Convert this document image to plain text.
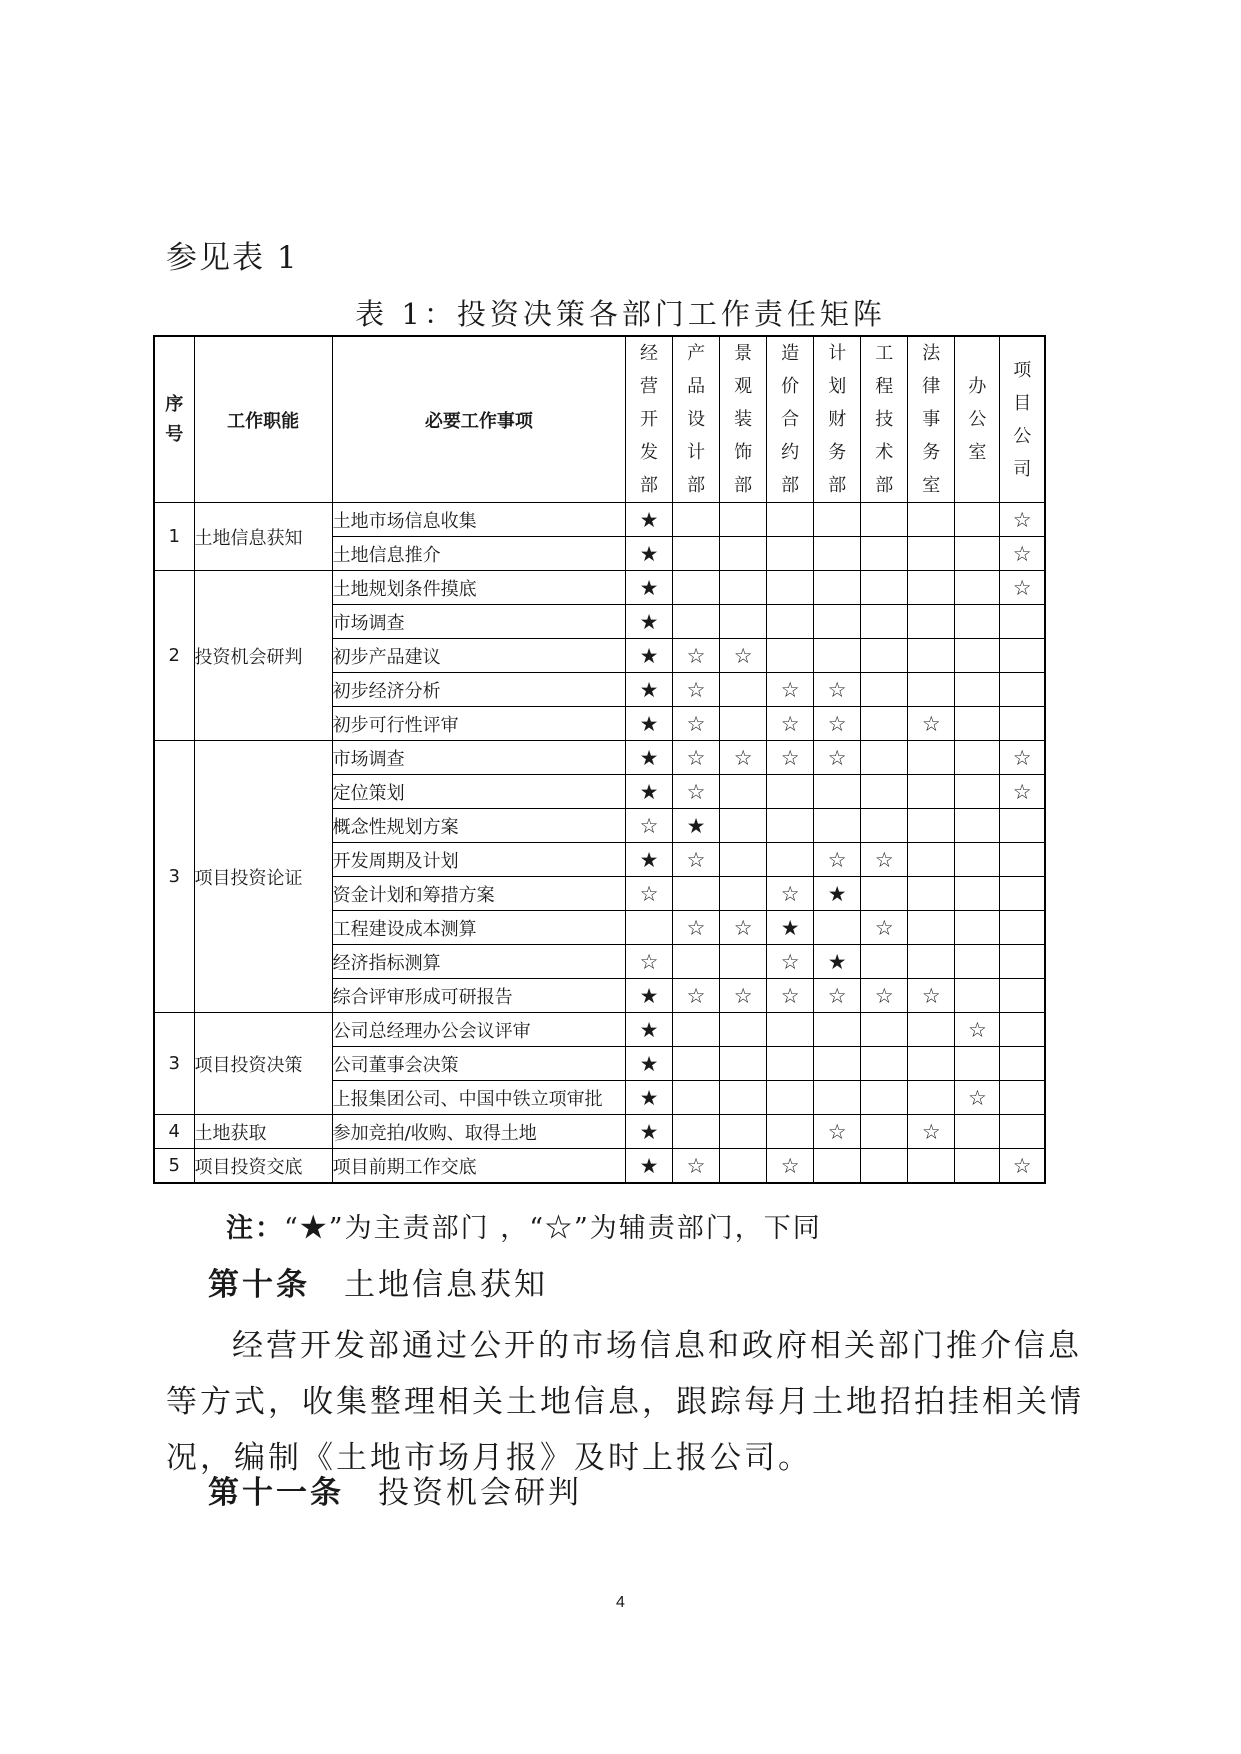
参见表 1
表 1：投资决策各部门工作责任矩阵
序号	工作职能	必要工作事项	经营开发部	产品设计部	景观装饰部	造价合约部	计划财务部	工程技术部	法律事务室	办公室	项目公司

1	土地信息获知	土地市场信息收集	★								☆
		土地信息推介	★								☆
2	投资机会研判	土地规划条件摸底	★								☆
		市场调查	★								
		初步产品建议	★	☆	☆						
		初步经济分析	★	☆		☆	☆				
		初步可行性评审	★	☆		☆	☆		☆		
3	项目投资论证	市场调查	★	☆	☆	☆	☆				☆
		定位策划	★	☆							☆
		概念性规划方案	☆	★							
		开发周期及计划	★	☆			☆	☆			
		资金计划和筹措方案	☆			☆	★				
		工程建设成本测算		☆	☆	★		☆			
		经济指标测算	☆			☆	★				
		综合评审形成可研报告	★	☆	☆	☆	☆	☆	☆		
3	项目投资决策	公司总经理办公会议评审	★							☆	
		公司董事会决策	★								
		上报集团公司、中国中铁立项审批	★							☆	
4	土地获取	参加竞拍/收购、取得土地	★				☆		☆		
5	项目投资交底	项目前期工作交底	★	☆		☆					☆
注：“★”为主责部门 ，“☆”为辅责部门，下同
第十条 土地信息获知
经营开发部通过公开的市场信息和政府相关部门推介信息等方式，收集整理相关土地信息，跟踪每月土地招拍挂相关情况，编制《土地市场月报》及时上报公司。
第十一条 投资机会研判
4
